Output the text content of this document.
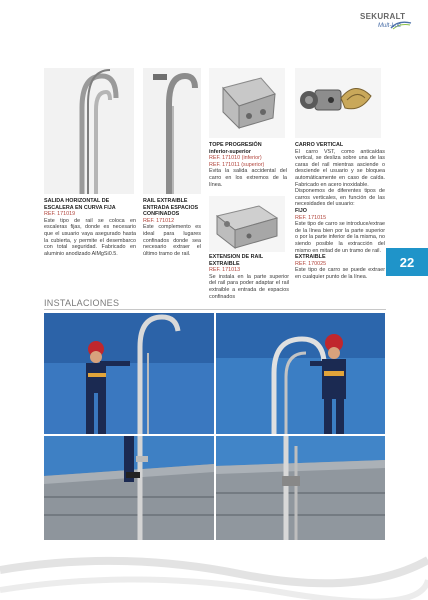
SEKURALT
Mult-Loc
SALIDA HORIZONTAL DE ESCALERA EN CURVA FIJA
REF. 171019
Este tipo de rail se coloca en escaleras fijas, donde es necesario que el usuario vaya asegurado hasta la cubierta, y permite el desembarco con total seguridad. Fabricado en aluminio anodizado AlMgSi0.5.
RAIL EXTRAIBLE ENTRADA ESPACIOS CONFINADOS
REF. 171012
Este complemento es ideal para lugares confinados donde sea necesario extraer el último tramo de rail.
TOPE PROGRESIÓN
inferior-superior
REF. 171010 (inferior)
REF. 171011 (superior)
Evita la salida accidental del carro en los extremos de la línea.
EXTENSION DE RAIL EXTRAIBLE
REF. 171013
Se instala en la parte superior del rail para poder adaptar el rail extraible a entrada de espacios confinados
CARRO VERTICAL
El carro VST, como anticaídas vertical, se desliza sobre una de las caras del rail mientras asciende o desciende el usuario y se bloquea automáticamente en caso de caída. Fabricado en acero inoxidable.
Disponemos de diferentes tipos de carros verticales, en función de las necesidades del usuario:
FIJO
REF. 171015
Este tipo de carro se introduce/extrae de la línea bien por la parte superior o por la parte inferior de la misma, no siendo posible la extracción del mismo en mitad de un tramo de rail.
EXTRAIBLE
REF. 170025
Este tipo de carro se puede extraer en cualquier punto de la línea.
22
INSTALACIONES
